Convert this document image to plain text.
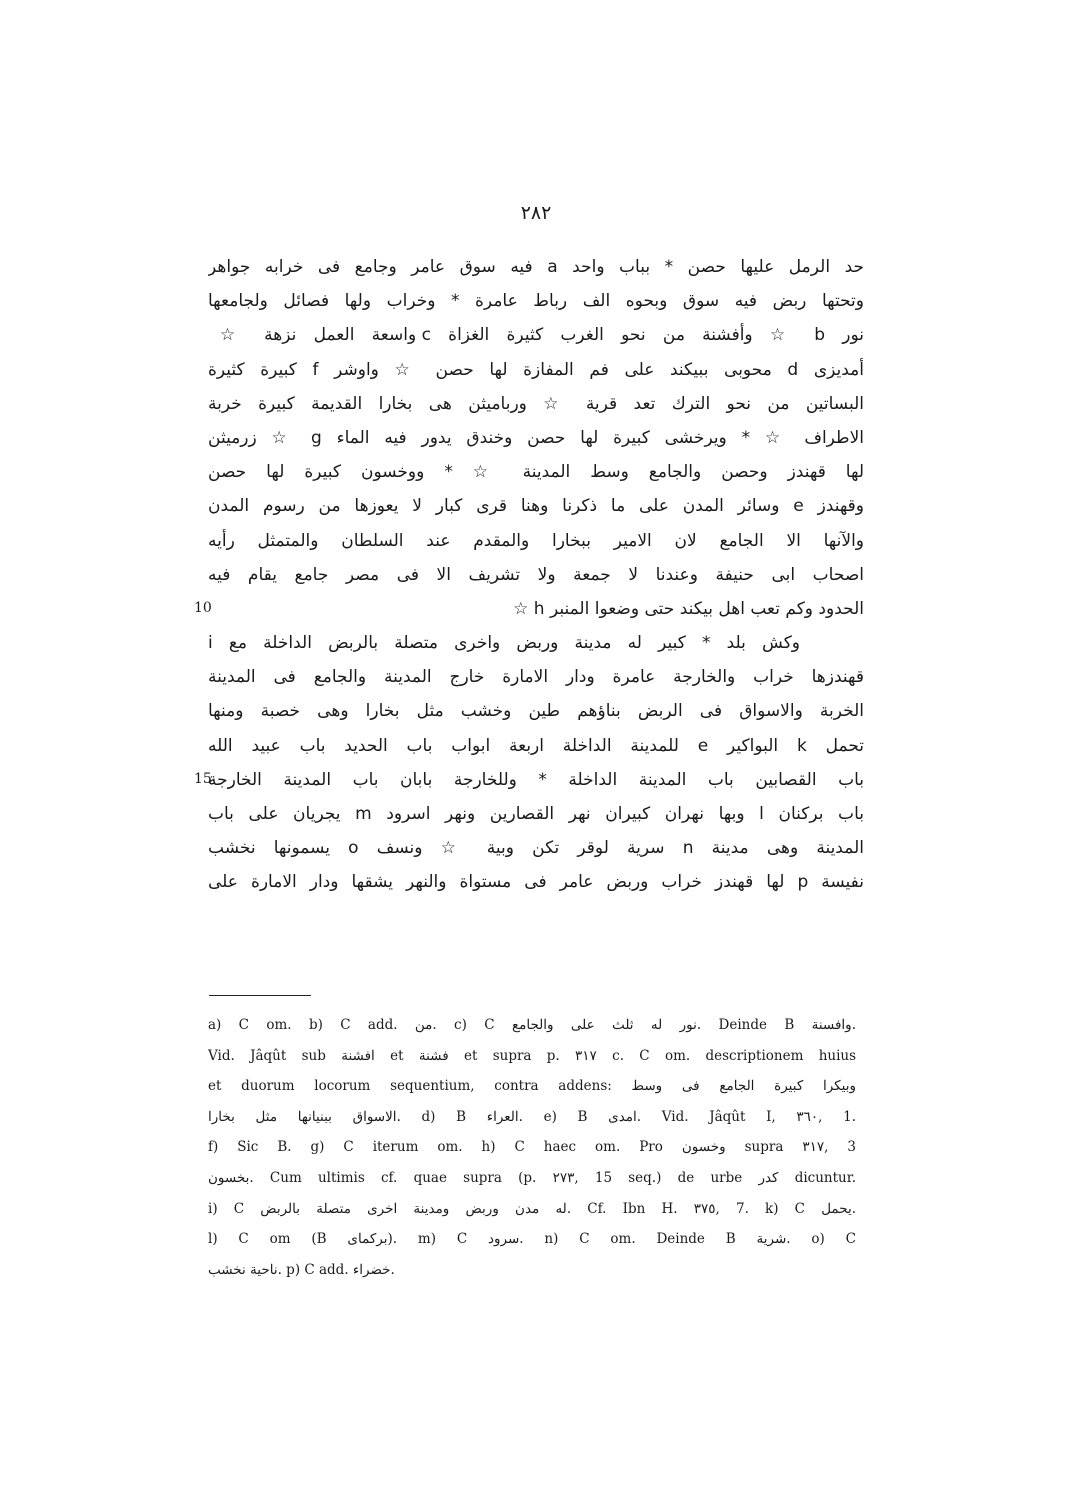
٢٨٢
حد الرمل عليها حصن * بباب واحد a فيه سوق عامر وجامع فى خرابه جواهر
وتحتها ربض فيه سوق وبحوه الف رباط عامرة * وخراب ولها فصائل ولجامعها
نور b ☆ وأفشنة من نحو الغرب كثيرة الغزاة c واسعة العمل نزهة ☆
أمديزى d محوبى ببيكند على فم المفازة لها حصن ☆ واوشر f كبيرة كثيرة
البساتين من نحو الترك تعد قرية ☆ ورباميثن هى بخارا القديمة كبيرة خربة
الاطراف ☆ * ويرخشى كبيرة لها حصن وخندق يدور فيه الماء g ☆ زرميثن
لها قهندز وحصن والجامع وسط المدينة ☆ * ووخسون كبيرة لها حصن
وقهندز e وسائر المدن على ما ذكرنا وهنا قرى كبار لا يعوزها من رسوم المدن
والآنها الا الجامع لان الامير ببخارا والمقدم عند السلطان والمتمثل رأيه
اصحاب ابى حنيفة وعندنا لا جمعة ولا تشريف الا فى مصر جامع يقام فيه
الحدود وكم تعب اهل بيكند حتى وضعوا المنبر h ☆
وكش بلد * كبير له مدينة وربض واخرى متصلة بالربض الداخلة مع i
قهندزها خراب والخارجة عامرة ودار الامارة خارج المدينة والجامع فى المدينة
الخربة والاسواق فى الربض بناؤهم طين وخشب مثل بخارا وهى خصبة ومنها
تحمل k البواكير e للمدينة الداخلة اربعة ابواب باب الحديد باب عبيد الله
باب القصابين باب المدينة الداخلة * وللخارجة بابان باب المدينة الخارجة
باب بركنان l وبها نهران كبيران نهر القصارين ونهر اسرود m يجريان على باب
المدينة وهى مدينة n سرية لوقر تكن وبية ☆ ونسف o يسمونها نخشب
نفيسة p لها قهندز خراب وربض عامر فى مستواة والنهر يشقها ودار الامارة على
10
15
a) C om. b) C add. من. c) C نور له ثلث على والجامع. Deinde B وافسنة.
Vid. Jâqût sub افشنة et فشنة et supra p. ٣١٧ c. C om. descriptionem huius
et duorum locorum sequentium, contra addens: وبيكرا كبيرة الجامع فى وسط
الاسواق ببنيانها مثل بخارا. d) B العراء. e) B امدى. Vid. Jâqût I, ٣٦٠, 1.
f) Sic B. g) C iterum om. h) C haec om. Pro وخسون supra ٣١٧, 3
بخسون. Cum ultimis cf. quae supra (p. ٢٧٣, 15 seq.) de urbe كدر dicuntur.
i) C له مدن وربض ومدينة اخرى متصلة بالربض. Cf. Ibn H. ٣٧٥, 7. k) C يحمل.
l) C om (B بركماى). m) C سرود. n) C om. Deinde B شرية. o) C
ناحية نخشب. p) C add. خضراء.
